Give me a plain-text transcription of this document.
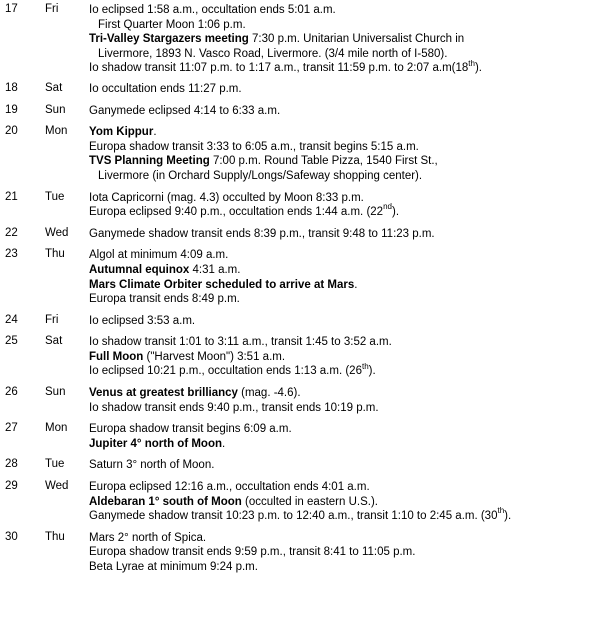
17	Fri	Io eclipsed 1:58 a.m., occultation ends 5:01 a.m.
First Quarter Moon 1:06 p.m.
Tri-Valley Stargazers meeting 7:30 p.m. Unitarian Universalist Church in
Livermore, 1893 N. Vasco Road, Livermore. (3/4 mile north of I-580).
Io shadow transit 11:07 p.m. to 1:17 a.m., transit 11:59 p.m. to 2:07 a.m(18th).
18	Sat	Io occultation ends 11:27 p.m.
19	Sun	Ganymede eclipsed 4:14 to 6:33 a.m.
20	Mon	Yom Kippur.
Europa shadow transit 3:33 to 6:05 a.m., transit begins 5:15 a.m.
TVS Planning Meeting 7:00 p.m. Round Table Pizza, 1540 First St.,
Livermore (in Orchard Supply/Longs/Safeway shopping center).
21	Tue	Iota Capricorni (mag. 4.3) occulted by Moon 8:33 p.m.
Europa eclipsed 9:40 p.m., occultation ends 1:44 a.m. (22nd).
22	Wed	Ganymede shadow transit ends 8:39 p.m., transit 9:48 to 11:23 p.m.
23	Thu	Algol at minimum 4:09 a.m.
Autumnal equinox 4:31 a.m.
Mars Climate Orbiter scheduled to arrive at Mars.
Europa transit ends 8:49 p.m.
24	Fri	Io eclipsed 3:53 a.m.
25	Sat	Io shadow transit 1:01 to 3:11 a.m., transit 1:45 to 3:52 a.m.
Full Moon ("Harvest Moon") 3:51 a.m.
Io eclipsed 10:21 p.m., occultation ends 1:13 a.m. (26th).
26	Sun	Venus at greatest brilliancy (mag. -4.6).
Io shadow transit ends 9:40 p.m., transit ends 10:19 p.m.
27	Mon	Europa shadow transit begins 6:09 a.m.
Jupiter 4° north of Moon.
28	Tue	Saturn 3° north of Moon.
29	Wed	Europa eclipsed 12:16 a.m., occultation ends 4:01 a.m.
Aldebaran 1° south of Moon (occulted in eastern U.S.).
Ganymede shadow transit 10:23 p.m. to 12:40 a.m., transit 1:10 to 2:45 a.m. (30th).
30	Thu	Mars 2° north of Spica.
Europa shadow transit ends 9:59 p.m., transit 8:41 to 11:05 p.m.
Beta Lyrae at minimum 9:24 p.m.
